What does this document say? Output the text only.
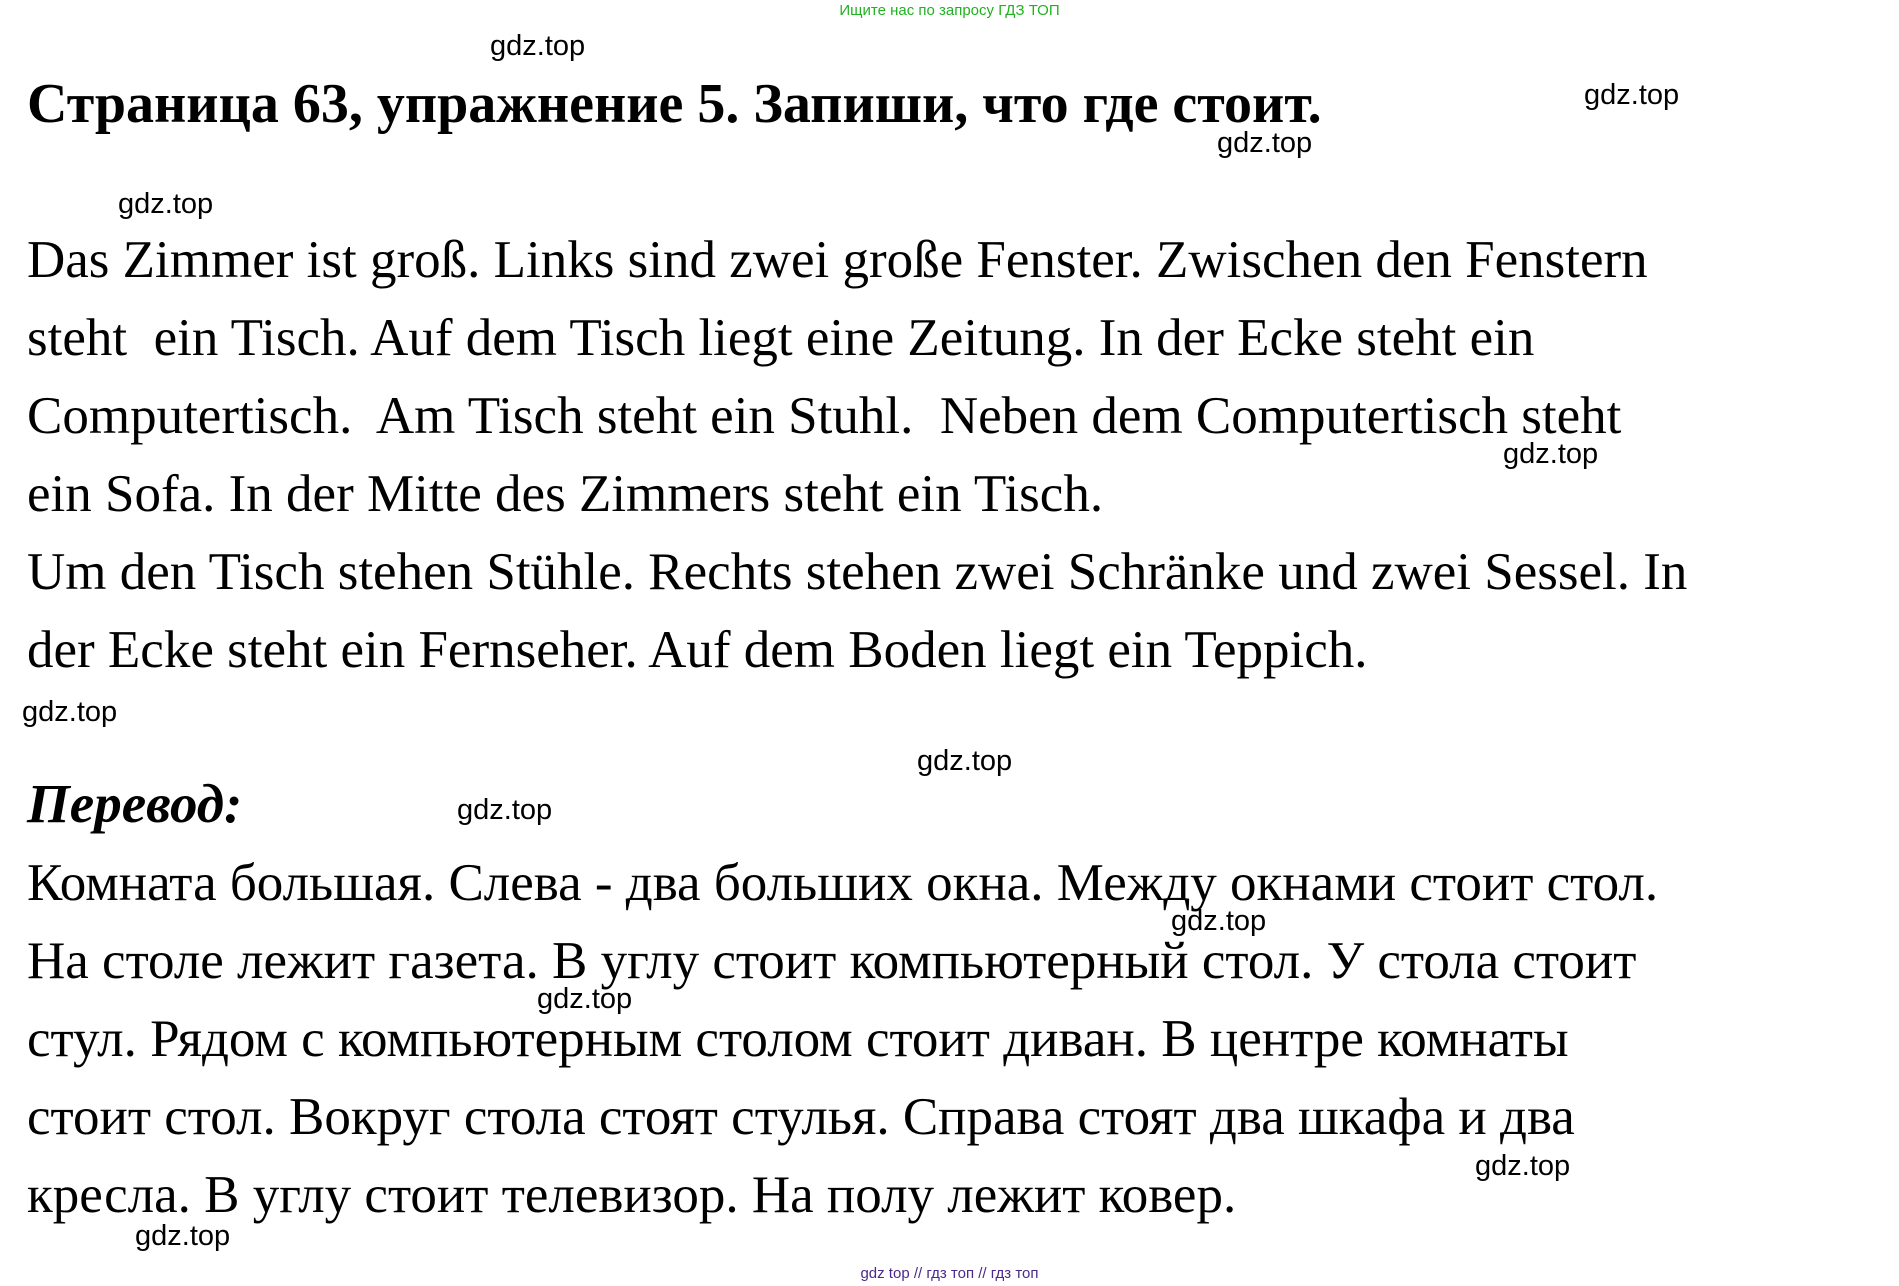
Ищите нас по запросу ГДЗ ТОП
gdz.top
Страница 63, упражнение 5. Запиши, что где стоит.	gdz.top
gdz.top
gdz.top
Das Zimmer ist groß. Links sind zwei große Fenster. Zwischen den Fenstern
steht  ein Tisch. Auf dem Tisch liegt eine Zeitung. In der Ecke steht ein
Computertisch.  Am Tisch steht ein Stuhl.  Neben dem Computertisch steht
ein Sofa. In der Mitte des Zimmers steht ein Tisch.
gdz.top
Um den Tisch stehen Stühle. Rechts stehen zwei Schränke und zwei Sessel. In
der Ecke steht ein Fernseher. Auf dem Boden liegt ein Teppich.
gdz.top
gdz.top
Перевод:	gdz.top
Комната большая. Слева - два больших окна. Между окнами стоит стол.
На столе лежит газета. В углу стоит компьютерный стол. У стола стоит
стул. Рядом с компьютерным столом стоит диван. В центре комнаты
стоит стол. Вокруг стола стоят стулья. Справа стоят два шкафа и два
кресла. В углу стоит телевизор. На полу лежит ковер.
gdz.top
gdz.top
gdz.top
gdz.top
gdz top // гдз топ // гдз топ
